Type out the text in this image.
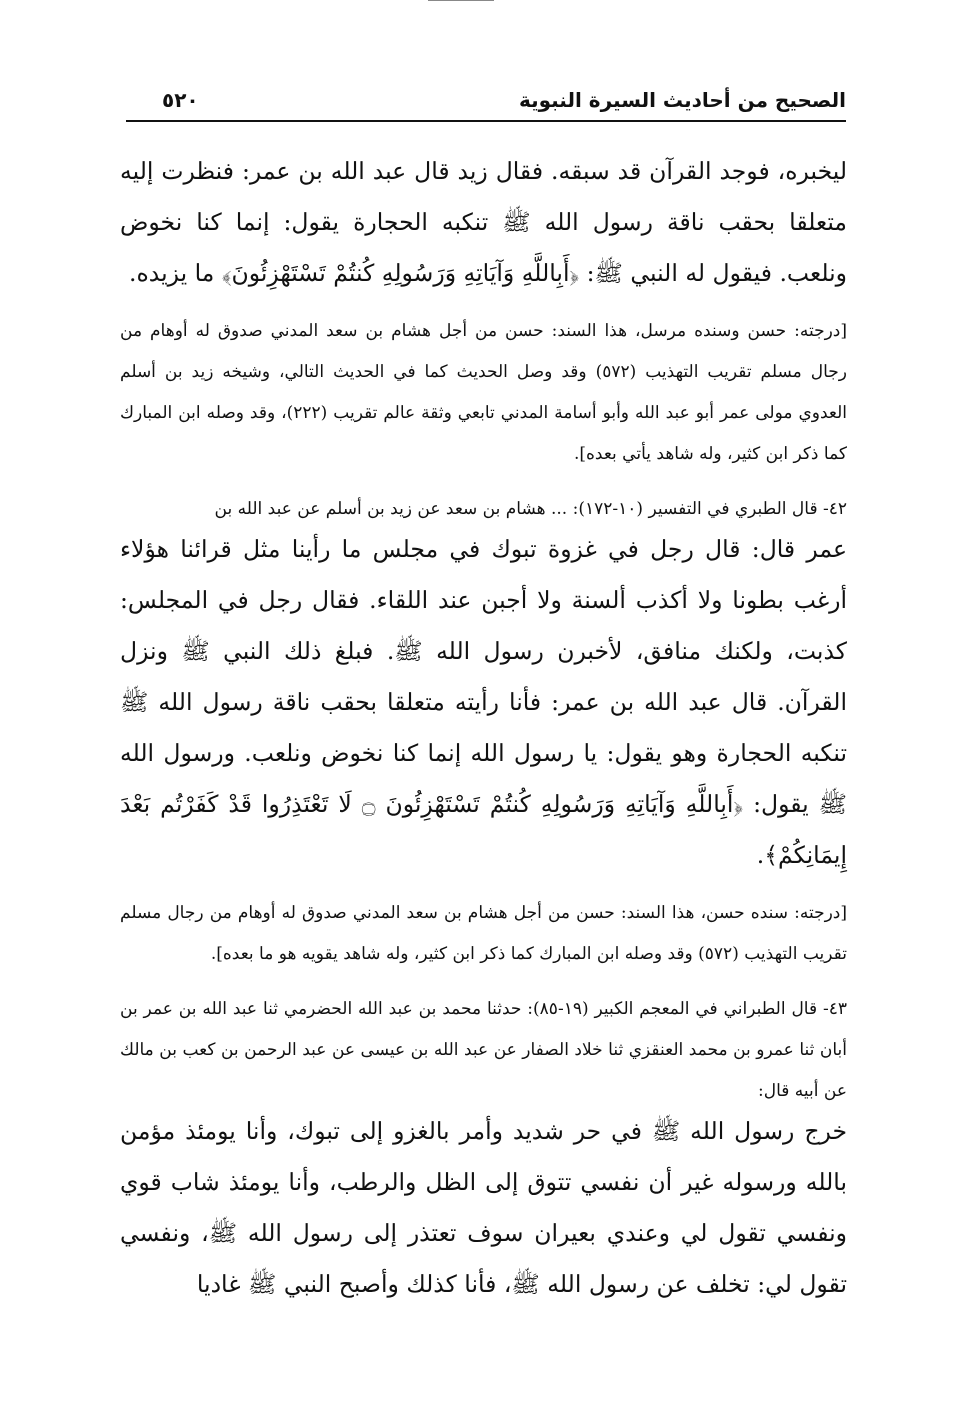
الصحيح من أحاديث السيرة النبوية
٥٢٠

ليخبره، فوجد القرآن قد سبقه. فقال زيد قال عبد الله بن عمر: فنظرت إليه متعلقا بحقب ناقة رسول الله ﷺ تنكبه الحجارة يقول: إنما كنا نخوض ونلعب. فيقول له النبي ﷺ: ﴿أَبِاللَّهِ وَآيَاتِهِ وَرَسُولِهِ كُنتُمْ تَسْتَهْزِئُونَ﴾ ما يزيده.

[درجته: حسن وسنده مرسل، هذا السند: حسن من أجل هشام بن سعد المدني صدوق له أوهام من رجال مسلم تقريب التهذيب (٥٧٢) وقد وصل الحديث كما في الحديث التالي، وشيخه زيد بن أسلم العدوي مولى عمر أبو عبد الله وأبو أسامة المدني تابعي وثقة عالم تقريب (٢٢٢)، وقد وصله ابن المبارك كما ذكر ابن كثير، وله شاهد يأتي بعده].

٤٢- قال الطبري في التفسير (١٠-١٧٢): ... هشام بن سعد عن زيد بن أسلم عن عبد الله بن

عمر قال: قال رجل في غزوة تبوك في مجلس ما رأينا مثل قرائنا هؤلاء أرغب بطونا ولا أكذب ألسنة ولا أجبن عند اللقاء. فقال رجل في المجلس: كذبت، ولكنك منافق، لأخبرن رسول الله ﷺ. فبلغ ذلك النبي ﷺ ونزل القرآن. قال عبد الله بن عمر: فأنا رأيته متعلقا بحقب ناقة رسول الله ﷺ تنكبه الحجارة وهو يقول: يا رسول الله إنما كنا نخوض ونلعب. ورسول الله ﷺ يقول: ﴿أَبِاللَّهِ وَآيَاتِهِ وَرَسُولِهِ كُنتُمْ تَسْتَهْزِئُونَ ۝ لَا تَعْتَذِرُوا قَدْ كَفَرْتُم بَعْدَ إِيمَانِكُمْ﴾.

[درجته: سنده حسن، هذا السند: حسن من أجل هشام بن سعد المدني صدوق له أوهام من رجال مسلم تقريب التهذيب (٥٧٢) وقد وصله ابن المبارك كما ذكر ابن كثير، وله شاهد يقويه هو ما بعده].

٤٣- قال الطبراني في المعجم الكبير (١٩-٨٥): حدثنا محمد بن عبد الله الحضرمي ثنا عبد الله بن عمر بن أبان ثنا عمرو بن محمد العنقزي ثنا خلاد الصفار عن عبد الله بن عيسى عن عبد الرحمن بن كعب بن مالك عن أبيه قال:

خرج رسول الله ﷺ في حر شديد وأمر بالغزو إلى تبوك، وأنا يومئذ مؤمن بالله ورسوله غير أن نفسي تتوق إلى الظل والرطب، وأنا يومئذ شاب قوي ونفسي تقول لي وعندي بعيران سوف تعتذر إلى رسول الله ﷺ، ونفسي تقول لي: تخلف عن رسول الله ﷺ، فأنا كذلك وأصبح النبي ﷺ غاديا
